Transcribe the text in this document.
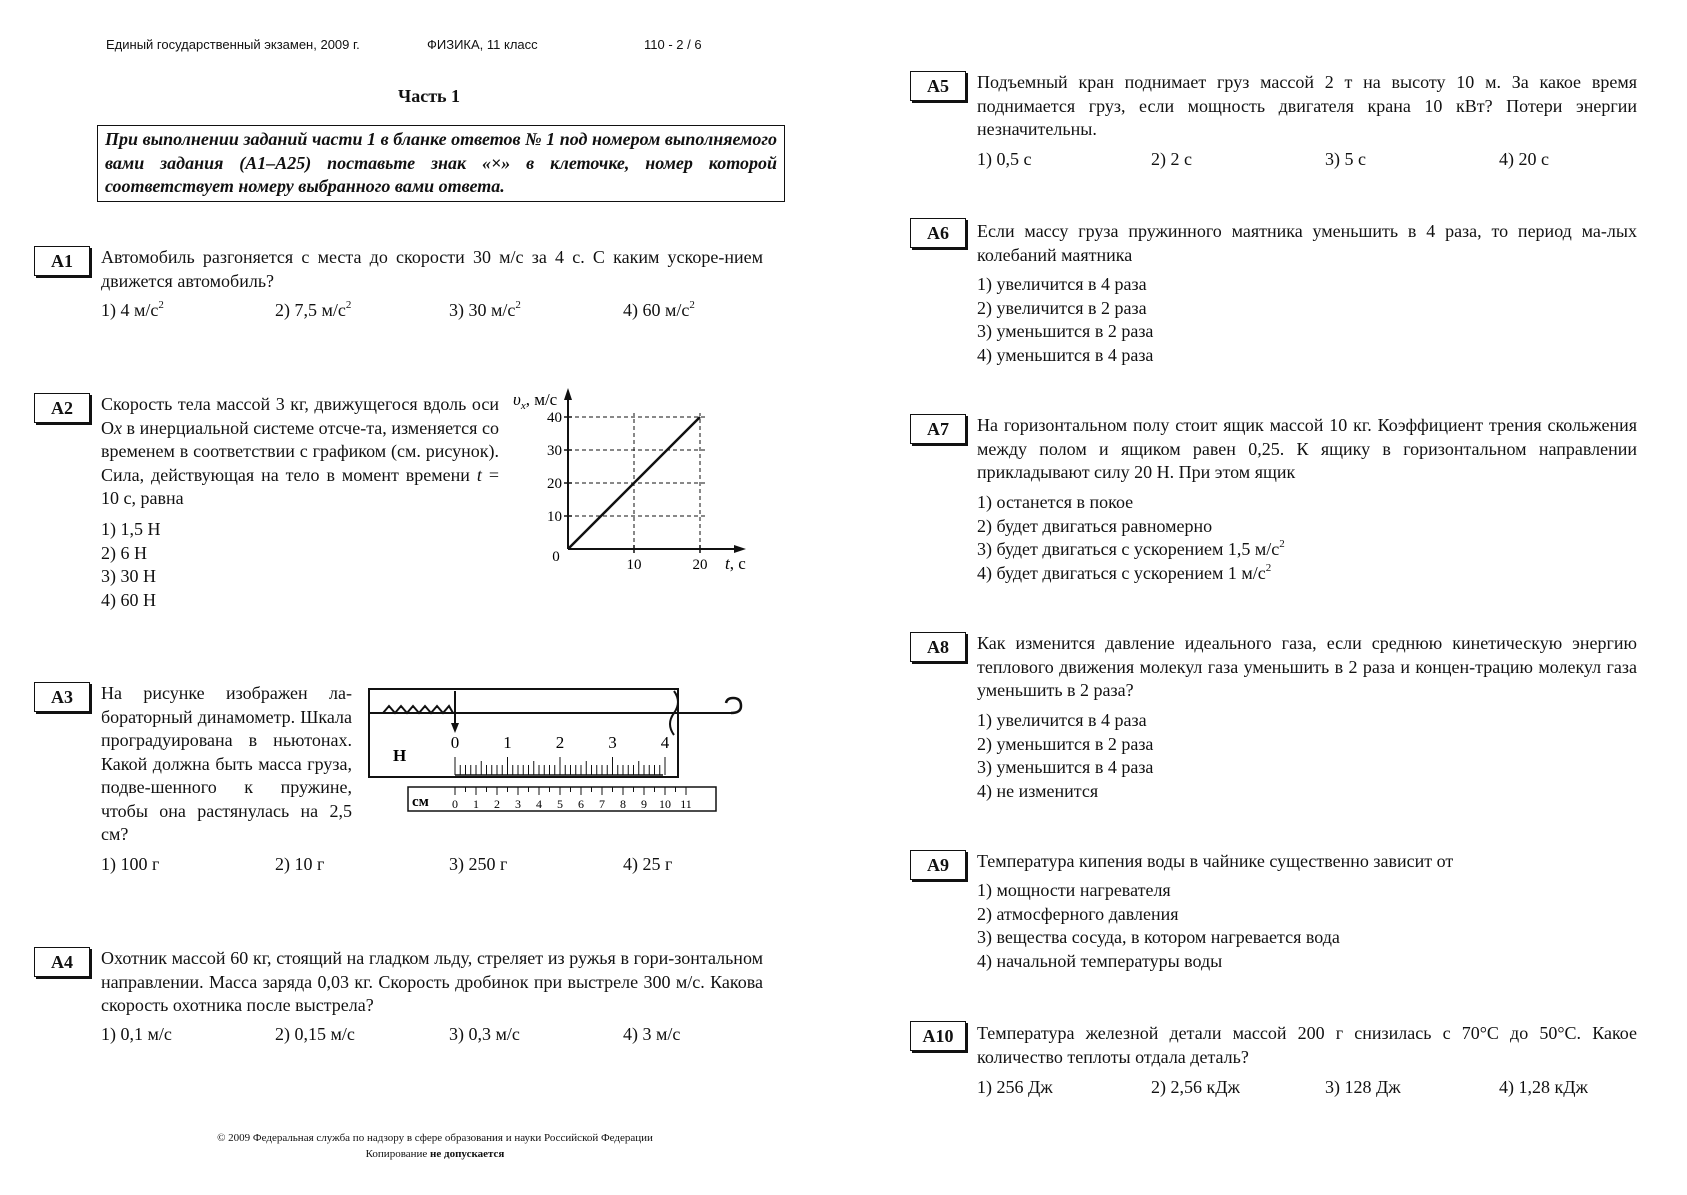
Единый государственный экзамен, 2009 г.	ФИЗИКА, 11 класс	110 - 2 / 6
Часть 1
При выполнении заданий части 1 в бланке ответов № 1 под номером выполняемого вами задания (А1–А25) поставьте знак «×» в клеточке, номер которой соответствует номеру выбранного вами ответа.
А1	Автомобиль разгоняется с места до скорости 30 м/с за 4 с. С каким ускоре-нием движется автомобиль?
1) 4 $м/с^2$	2) 7,5 $м/с^2$	3) 30 $м/с^2$	4) 60 $м/с^2$
А2	Скорость тела массой 3 кг, движущегося вдоль оси Ox в инерциальной системе отсче-та, изменяется со временем в соответствии с графиком (см. рисунок). Сила, действующая на тело в момент времени t = 10 с, равна
1) 1,5 Н
2) 6 Н
3) 30 Н
4) 60 Н
$\upsilon_x$, м/с
t, с
10
20
30
40
0	10	20
А3	На рисунке изображен ла-бораторный динамометр. Шкала проградуирована в ньютонах. Какой должна быть масса груза, подве-шенного к пружине, чтобы она растянулась на 2,5 см?
1) 100 г	2) 10 г	3) 250 г	4) 25 г
Н
0	1	2	3	4
см 0 1 2 3 4 5 6 7 8 9 10 11
А4	Охотник массой 60 кг, стоящий на гладком льду, стреляет из ружья в гори-зонтальном направлении. Масса заряда 0,03 кг. Скорость дробинок при выстреле 300 м/с. Какова скорость охотника после выстрела?
1) 0,1 м/с	2) 0,15 м/с	3) 0,3 м/с	4) 3 м/с
© 2009 Федеральная служба по надзору в сфере образования и науки Российской Федерации
Копирование не допускается
А5	Подъемный кран поднимает груз массой 2 т на высоту 10 м. За какое время поднимается груз, если мощность двигателя крана 10 кВт? Потери энергии незначительны.
1) 0,5 с	2) 2 с	3) 5 с	4) 20 с
А6	Если массу груза пружинного маятника уменьшить в 4 раза, то период ма-лых колебаний маятника
1) увеличится в 4 раза
2) увеличится в 2 раза
3) уменьшится в 2 раза
4) уменьшится в 4 раза
А7	На горизонтальном полу стоит ящик массой 10 кг. Коэффициент трения скольжения между полом и ящиком равен 0,25. К ящику в горизонтальном направлении прикладывают силу 20 Н. При этом ящик
1) останется в покое
2) будет двигаться равномерно
3) будет двигаться с ускорением 1,5 $м/с^2$
4) будет двигаться с ускорением 1 $м/с^2$
А8	Как изменится давление идеального газа, если среднюю кинетическую энергию теплового движения молекул газа уменьшить в 2 раза и концен-трацию молекул газа уменьшить в 2 раза?
1) увеличится в 4 раза
2) уменьшится в 2 раза
3) уменьшится в 4 раза
4) не изменится
А9	Температура кипения воды в чайнике существенно зависит от
1) мощности нагревателя
2) атмосферного давления
3) вещества сосуда, в котором нагревается вода
4) начальной температуры воды
А10	Температура железной детали массой 200 г снизилась с 70°C до 50°C. Какое количество теплоты отдала деталь?
1) 256 Дж	2) 2,56 кДж	3) 128 Дж	4) 1,28 кДж
